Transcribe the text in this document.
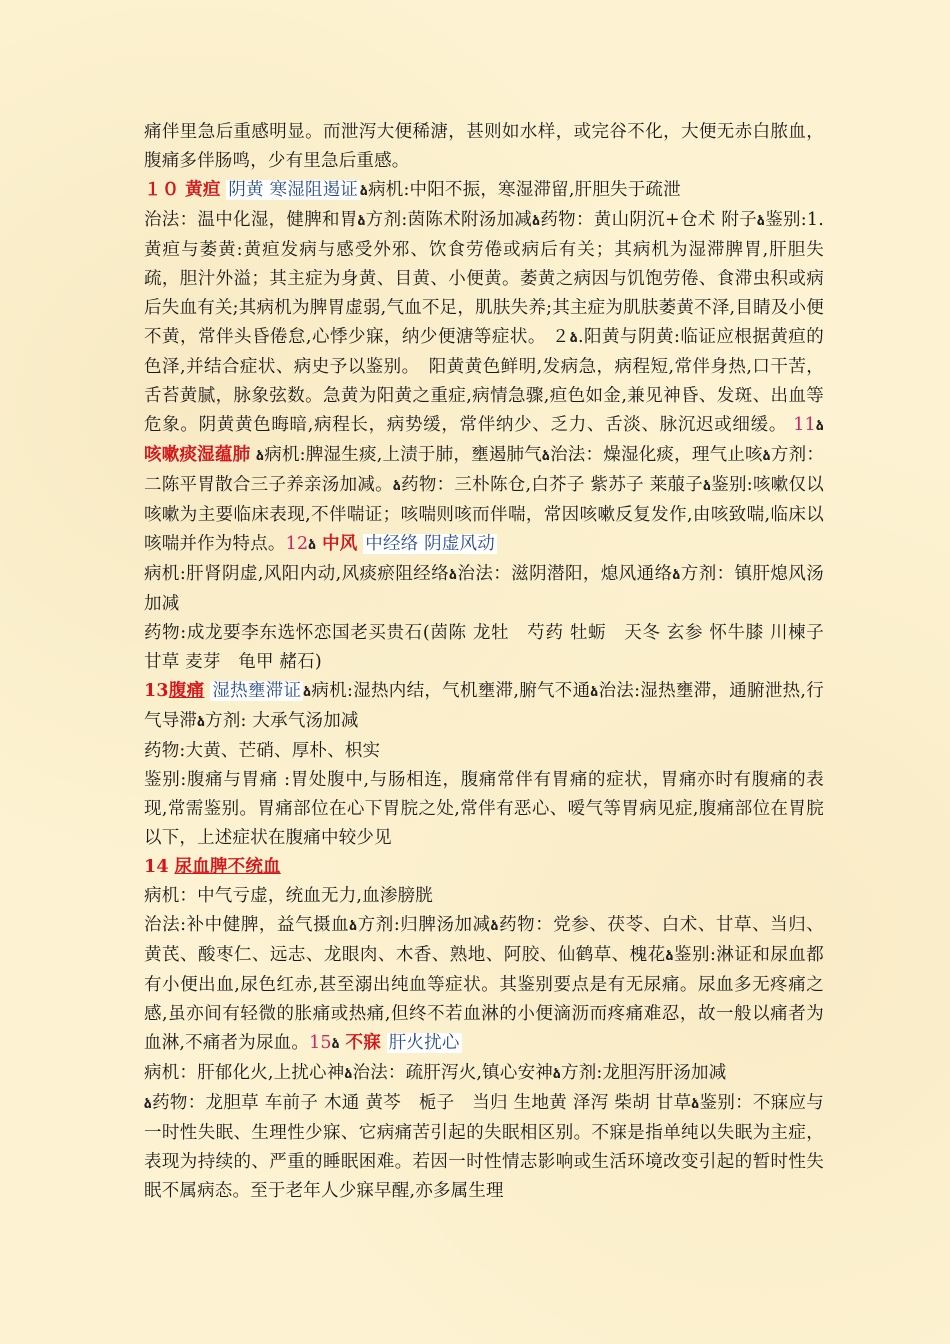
痛伴里急后重感明显。而泄泻大便稀溏，甚则如水样，或完谷不化，大便无赤白脓血，腹痛多伴肠鸣，少有里急后重感。

１０ 黄疸 阴黄 寒湿阻遏证 ձ病机:中阳不振，寒湿滞留,肝胆失于疏泄
治法：温中化湿，健脾和胃ձ方剂:茵陈术附汤加减ձ药物：黄山阴沉+仓术 附子ձ鉴别:1.黄疸与萎黄:黄疸发病与感受外邪、饮食劳倦或病后有关；其病机为湿滞脾胃,肝胆失疏，胆汁外溢；其主症为身黄、目黄、小便黄。萎黄之病因与饥饱劳倦、食滞虫积或病后失血有关;其病机为脾胃虚弱,气血不足，肌肤失养;其主症为肌肤萎黄不泽,目睛及小便不黄，常伴头昏倦怠,心悸少寐，纳少便溏等症状。 ２ձ.阳黄与阴黄:临证应根据黄疸的色泽,并结合症状、病史予以鉴别。　阳黄黄色鲜明,发病急，病程短,常伴身热,口干苦，舌苔黄腻，脉象弦数。急黄为阳黄之重症,病情急骤,疸色如金,兼见神昏、发斑、出血等危象。阴黄黄色晦暗,病程长，病势缓，常伴纳少、乏力、舌淡、脉沉迟或细缓。 11ձ 咳嗽痰湿蕴肺 ձ病机:脾湿生痰,上渍于肺，壅遏肺气ձ治法：燥湿化痰，理气止咳ձ方剂：二陈平胃散合三子养亲汤加减。ձ药物：三朴陈仓,白芥子 紫苏子 莱菔子ձ鉴别:咳嗽仅以咳嗽为主要临床表现,不伴喘证；咳喘则咳而伴喘，常因咳嗽反复发作,由咳致喘,临床以咳喘并作为特点。12ձ 中风 中经络 阴虚风动
病机:肝肾阴虚,风阳内动,风痰瘀阻经络ձ治法：滋阴潜阳，熄风通络ձ方剂：镇肝熄风汤加减

药物:成龙要李东选怀恋国老买贵石(茵陈 龙牡　芍药 牡蛎　天冬 玄参 怀牛膝 川楝子 甘草 麦芽　龟甲 赭石)

13腹痛 湿热壅滞证 ձ病机:湿热内结，气机壅滞,腑气不通ձ治法:湿热壅滞，通腑泄热,行气导滞ձ方剂: 大承气汤加减

药物:大黄、芒硝、厚朴、枳实

鉴别:腹痛与胃痛 :胃处腹中,与肠相连，腹痛常伴有胃痛的症状，胃痛亦时有腹痛的表现,常需鉴别。胃痛部位在心下胃脘之处,常伴有恶心、嗳气等胃病见症,腹痛部位在胃脘以下，上述症状在腹痛中较少见

14 尿血脾不统血

病机：中气亏虚，统血无力,血渗膀胱

治法:补中健脾，益气摄血ձ方剂:归脾汤加减ձ药物：党参、茯苓、白术、甘草、当归、黄芪、酸枣仁、远志、龙眼肉、木香、熟地、阿胶、仙鹤草、槐花ձ鉴别:淋证和尿血都有小便出血,尿色红赤,甚至溺出纯血等症状。其鉴别要点是有无尿痛。尿血多无疼痛之感,虽亦间有轻微的胀痛或热痛,但终不若血淋的小便滴沥而疼痛难忍，故一般以痛者为血淋,不痛者为尿血。15ձ 不寐 肝火扰心
病机：肝郁化火,上扰心神ձ治法：疏肝泻火,镇心安神ձ方剂:龙胆泻肝汤加减
ձ药物：龙胆草 车前子 木通 黄芩　栀子　当归 生地黄 泽泻 柴胡 甘草ձ鉴别：不寐应与一时性失眠、生理性少寐、它病痛苦引起的失眠相区别。不寐是指单纯以失眠为主症，表现为持续的、严重的睡眠困难。若因一时性情志影响或生活环境改变引起的暂时性失眠不属病态。至于老年人少寐早醒,亦多属生理
